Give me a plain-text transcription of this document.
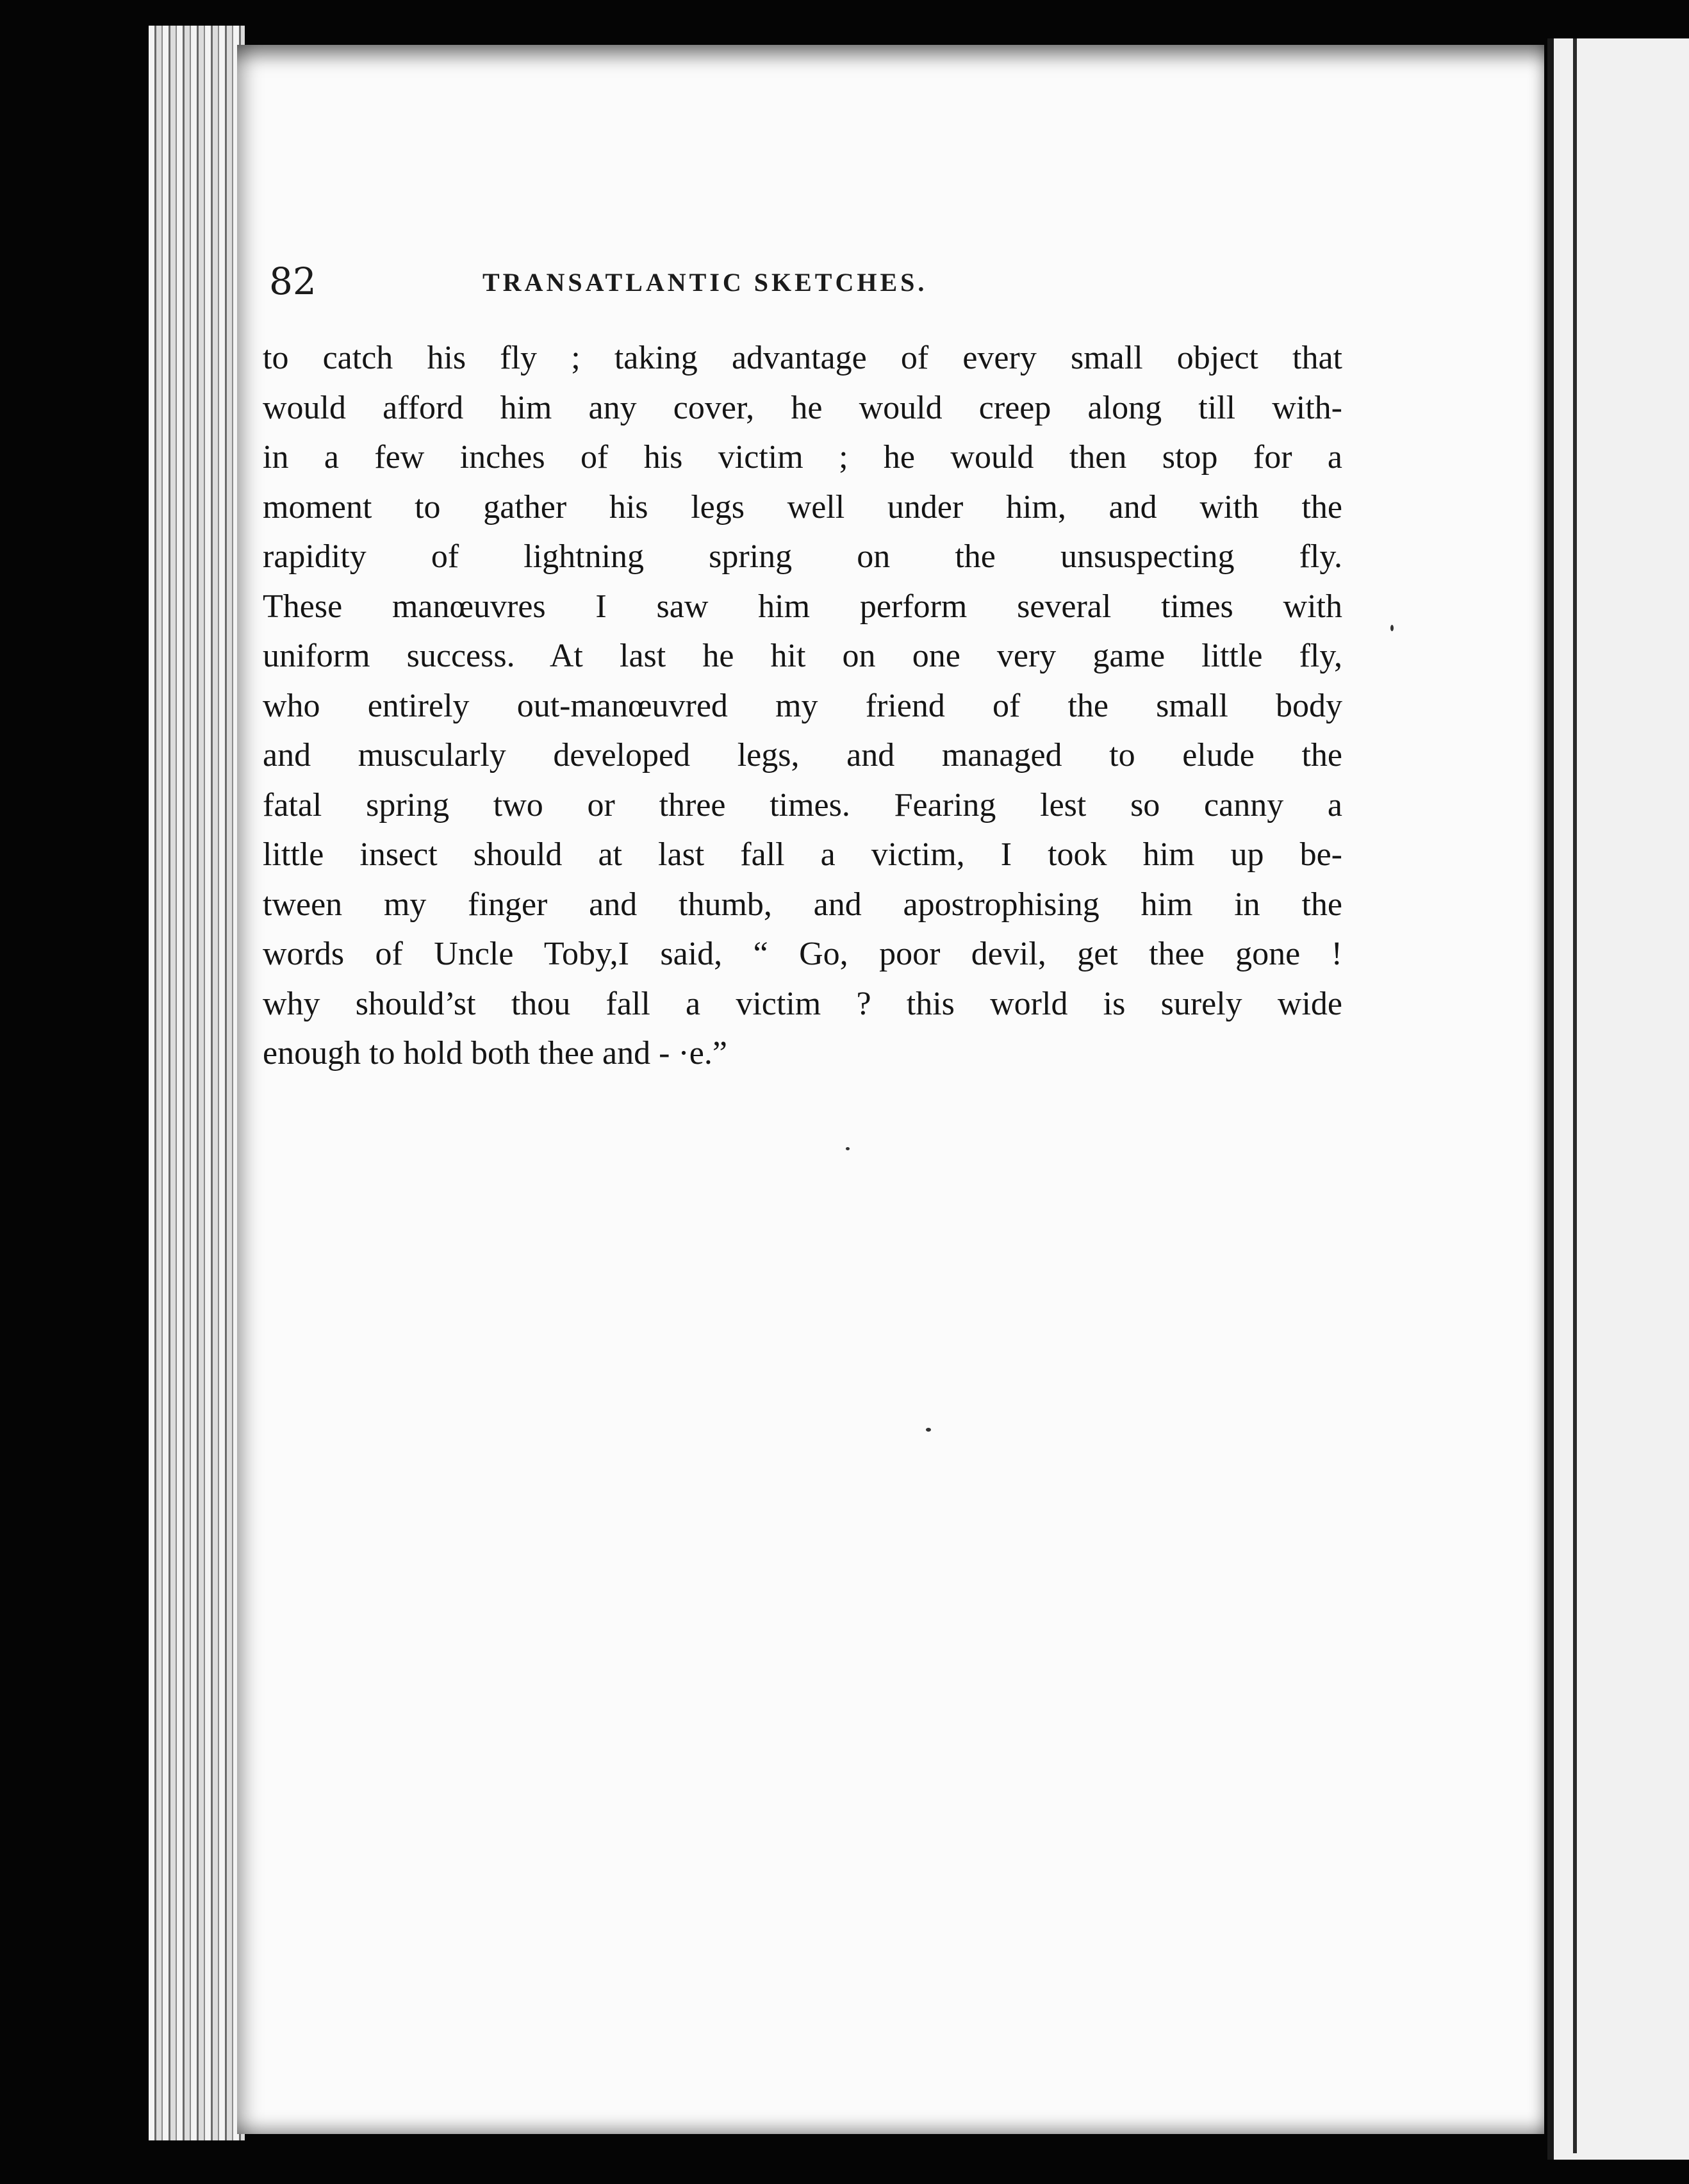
82	TRANSATLANTIC SKETCHES.
to catch his fly ; taking advantage of every small object that
would afford him any cover, he would creep along till with-
in a few inches of his victim ; he would then stop for a
moment to gather his legs well under him, and with the
rapidity of lightning spring on the unsuspecting fly.
These manœuvres I saw him perform several times with
uniform success. At last he hit on one very game little fly,
who entirely out-manœuvred my friend of the small body
and muscularly developed legs, and managed to elude the
fatal spring two or three times. Fearing lest so canny a
little insect should at last fall a victim, I took him up be-
tween my finger and thumb, and apostrophising him in the
words of Uncle Toby,I said, “ Go, poor devil, get thee gone !
why should’st thou fall a victim ? this world is surely wide
enough to hold both thee and - ·e.”
